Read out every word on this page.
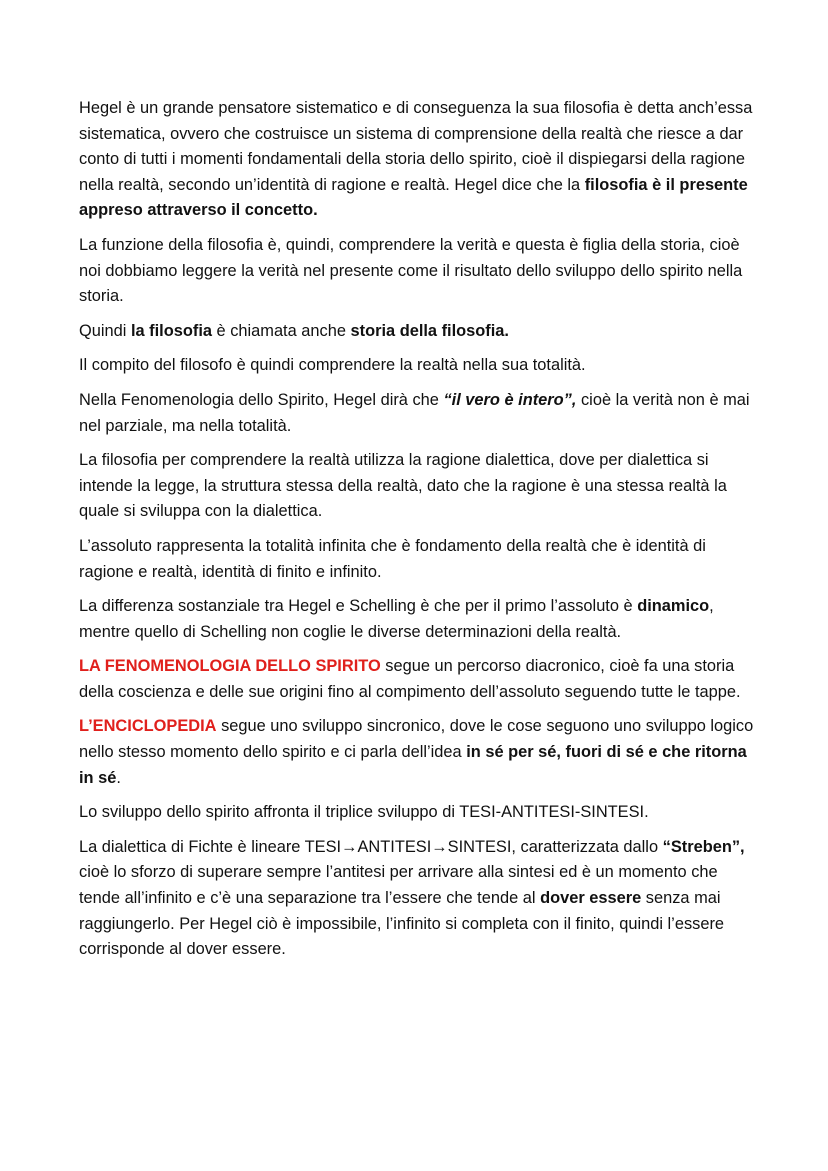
Hegel è un grande pensatore sistematico e di conseguenza la sua filosofia è detta anch’essa sistematica, ovvero che costruisce un sistema di comprensione della realtà che riesce a dar conto di tutti i momenti fondamentali della storia dello spirito, cioè il dispiegarsi della ragione nella realtà, secondo un’identità di ragione e realtà. Hegel dice che la filosofia è il presente appreso attraverso il concetto.

La funzione della filosofia è, quindi, comprendere la verità e questa è figlia della storia, cioè noi dobbiamo leggere la verità nel presente come il risultato dello sviluppo dello spirito nella storia.

Quindi la filosofia è chiamata anche storia della filosofia.

Il compito del filosofo è quindi comprendere la realtà nella sua totalità.

Nella Fenomenologia dello Spirito, Hegel dirà che “il vero è intero”, cioè la verità non è mai nel parziale, ma nella totalità.

La filosofia per comprendere la realtà utilizza la ragione dialettica, dove per dialettica si intende la legge, la struttura stessa della realtà, dato che la ragione è una stessa realtà la quale si sviluppa con la dialettica.

L’assoluto rappresenta la totalità infinita che è fondamento della realtà che è identità di ragione e realtà, identità di finito e infinito.

La differenza sostanziale tra Hegel e Schelling è che per il primo l’assoluto è dinamico, mentre quello di Schelling non coglie le diverse determinazioni della realtà.

LA FENOMENOLOGIA DELLO SPIRITO segue un percorso diacronico, cioè fa una storia della coscienza e delle sue origini fino al compimento dell’assoluto seguendo tutte le tappe.

L’ENCICLOPEDIA segue uno sviluppo sincronico, dove le cose seguono uno sviluppo logico nello stesso momento dello spirito e ci parla dell’idea in sé per sé, fuori di sé e che ritorna in sé.

Lo sviluppo dello spirito affronta il triplice sviluppo di TESI-ANTITESI-SINTESI.

La dialettica di Fichte è lineare TESI→ANTITESI→SINTESI, caratterizzata dallo “Streben”, cioè lo sforzo di superare sempre l’antitesi per arrivare alla sintesi ed è un momento che tende all’infinito e c’è una separazione tra l’essere che tende al dover essere senza mai raggiungerlo. Per Hegel ciò è impossibile, l’infinito si completa con il finito, quindi l’essere corrisponde al dover essere.
